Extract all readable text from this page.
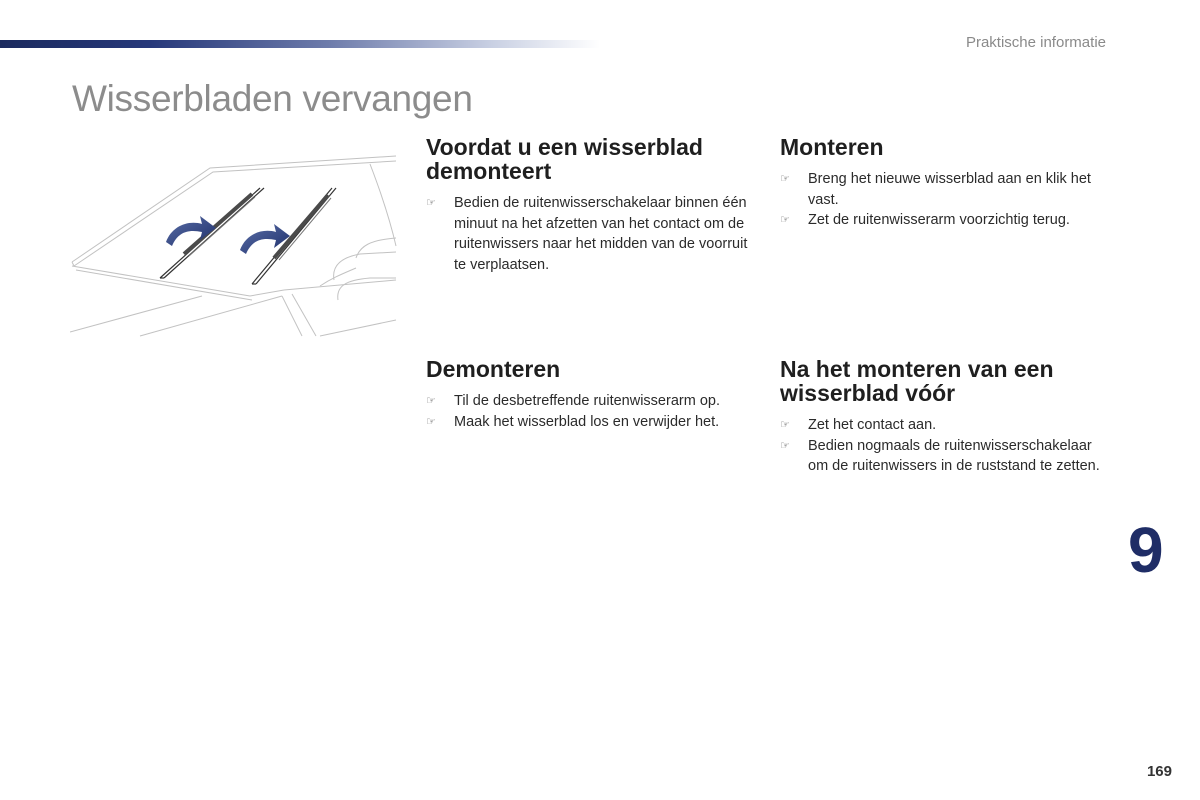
Praktische informatie
Wisserbladen vervangen
Voordat u een wisserblad demonteert
☞ Bedien de ruitenwisserschakelaar binnen één minuut na het afzetten van het contact om de ruitenwissers naar het midden van de voorruit te verplaatsen.
Monteren
☞ Breng het nieuwe wisserblad aan en klik het vast.
☞ Zet de ruitenwisserarm voorzichtig terug.
Demonteren
☞ Til de desbetreffende ruitenwisserarm op.
☞ Maak het wisserblad los en verwijder het.
Na het monteren van een wisserblad vóór
☞ Zet het contact aan.
☞ Bedien nogmaals de ruitenwisserschakelaar om de ruitenwissers in de ruststand te zetten.
9
169
